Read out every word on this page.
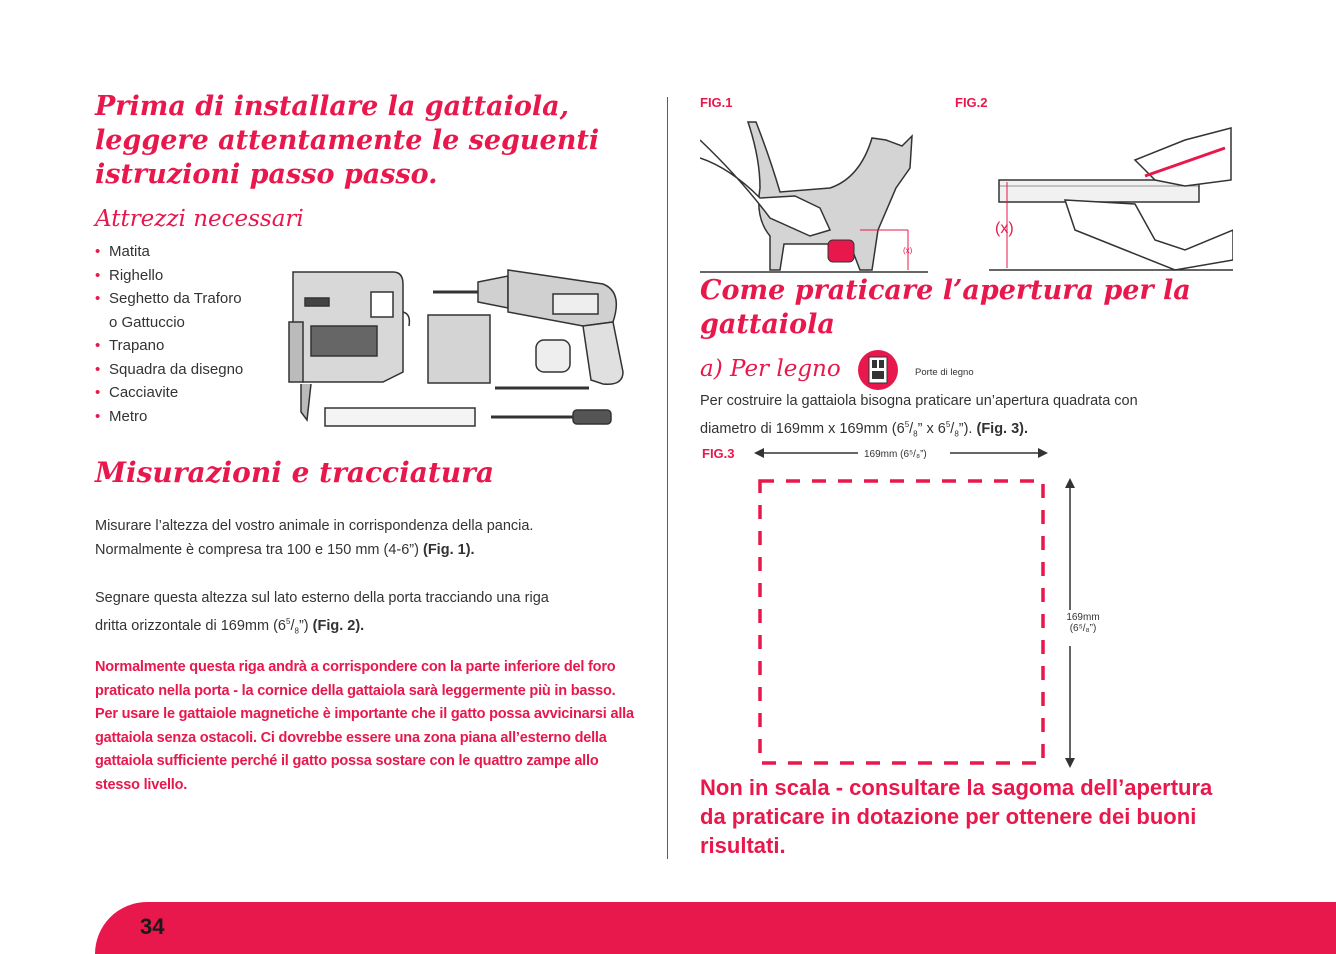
Prima di installare la gattaiola, leggere attentamente le seguenti istruzioni passo passo.
Attrezzi necessari
• Matita
• Righello
• Seghetto da Traforo
o Gattuccio
• Trapano
• Squadra da disegno
• Cacciavite
• Metro
Misurazioni e tracciatura
Misurare l’altezza del vostro animale in corrispondenza della pancia.
Normalmente è compresa tra 100 e 150 mm (4-6”) (Fig. 1).
Segnare questa altezza sul lato esterno della porta tracciando una riga
dritta orizzontale di 169mm $(6^5/_8”)$ (Fig. 2).
Normalmente questa riga andrà a corrispondere con la parte inferiore del foro praticato nella porta - la cornice della gattaiola sarà leggermente più in basso. Per usare le gattaiole magnetiche è importante che il gatto possa avvicinarsi alla gattaiola senza ostacoli. Ci dovrebbe essere una zona piana all’esterno della gattaiola sufficiente perché il gatto possa sostare con le quattro zampe allo stesso livello.
FIG.1	FIG.2
(x)
(x)
Come praticare l’apertura per la gattaiola
a) Per legno	Porte di legno
Per costruire la gattaiola bisogna praticare un’apertura quadrata con
diametro di 169mm x 169mm ($6^5/_8$” x $6^5/_8$”). (Fig. 3).
FIG.3	169mm (6⁵/₈”)
169mm
(6⁵/₈”)
Non in scala - consultare la sagoma dell’apertura da praticare in dotazione per ottenere dei buoni risultati.
34
